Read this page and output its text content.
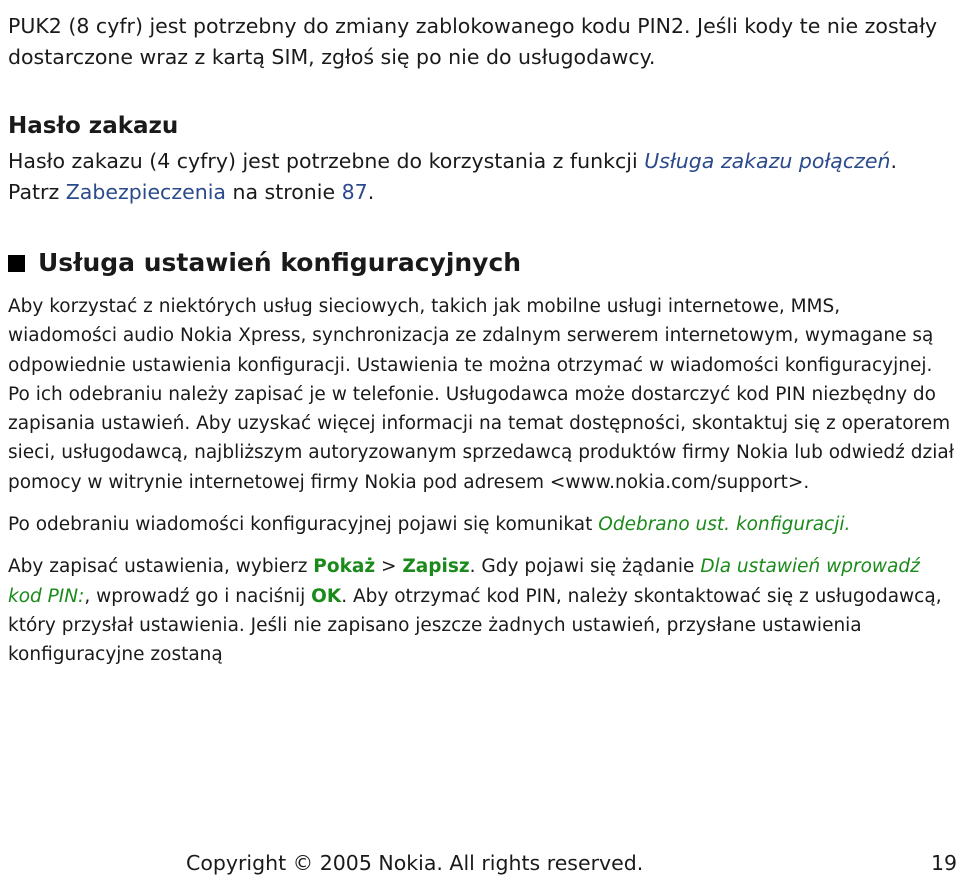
PUK2 (8 cyfr) jest potrzebny do zmiany zablokowanego kodu PIN2. Jeśli kody te nie zostały dostarczone wraz z kartą SIM, zgłoś się po nie do usługodawcy.

Hasło zakazu

Hasło zakazu (4 cyfry) jest potrzebne do korzystania z funkcji Usługa zakazu połączeń. Patrz Zabezpieczenia na stronie 87.

Usługa ustawień konfiguracyjnych

Aby korzystać z niektórych usług sieciowych, takich jak mobilne usługi internetowe, MMS, wiadomości audio Nokia Xpress, synchronizacja ze zdalnym serwerem internetowym, wymagane są odpowiednie ustawienia konfiguracji. Ustawienia te można otrzymać w wiadomości konfiguracyjnej. Po ich odebraniu należy zapisać je w telefonie. Usługodawca może dostarczyć kod PIN niezbędny do zapisania ustawień. Aby uzyskać więcej informacji na temat dostępności, skontaktuj się z operatorem sieci, usługodawcą, najbliższym autoryzowanym sprzedawcą produktów firmy Nokia lub odwiedź dział pomocy w witrynie internetowej firmy Nokia pod adresem <www.nokia.com/support>.

Po odebraniu wiadomości konfiguracyjnej pojawi się komunikat Odebrano ust. konfiguracji.

Aby zapisać ustawienia, wybierz Pokaż > Zapisz. Gdy pojawi się żądanie Dla ustawień wprowadź kod PIN:, wprowadź go i naciśnij OK. Aby otrzymać kod PIN, należy skontaktować się z usługodawcą, który przysłał ustawienia. Jeśli nie zapisano jeszcze żadnych ustawień, przysłane ustawienia konfiguracyjne zostaną

Copyright © 2005 Nokia. All rights reserved.	19
